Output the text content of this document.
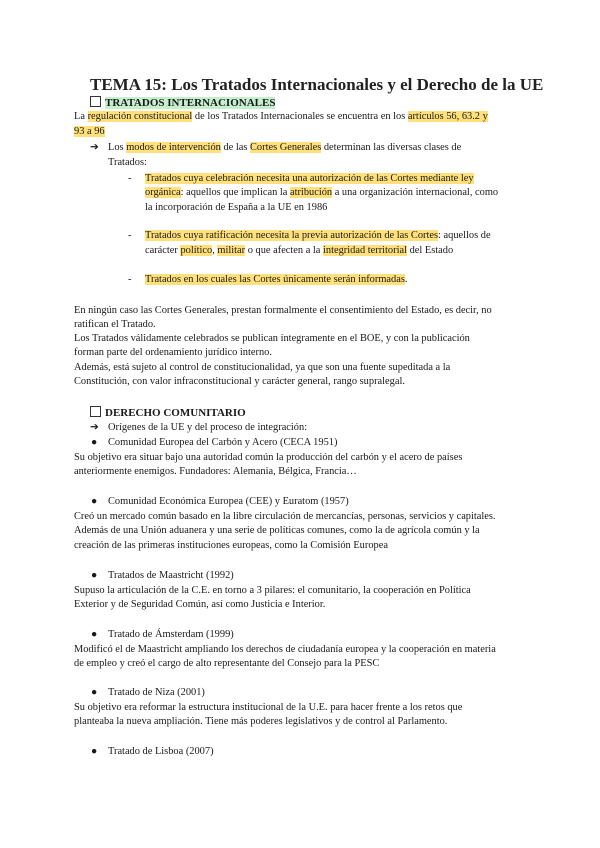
TEMA 15: Los Tratados Internacionales y el Derecho de la UE
TRATADOS INTERNACIONALES
La regulación constitucional de los Tratados Internacionales se encuentra en los artículos 56, 63.2 y
93 a 96
➔ Los modos de intervención de las Cortes Generales determinan las diversas clases de
Tratados:
- Tratados cuya celebración necesita una autorización de las Cortes mediante ley
orgánica: aquellos que implican la atribución a una organización internacional, como
la incorporación de España a la UE en 1986
- Tratados cuya ratificación necesita la previa autorización de las Cortes: aquellos de
carácter político, militar o que afecten a la integridad territorial del Estado
- Tratados en los cuales las Cortes únicamente serán informadas.
En ningún caso las Cortes Generales, prestan formalmente el consentimiento del Estado, es decir, no
ratifican el Tratado.
Los Tratados válidamente celebrados se publican íntegramente en el BOE, y con la publicación
forman parte del ordenamiento jurídico interno.
Además, está sujeto al control de constitucionalidad, ya que son una fuente supeditada a la
Constitución, con valor infraconstitucional y carácter general, rango supralegal.
DERECHO COMUNITARIO
➔ Orígenes de la UE y del proceso de integración:
● Comunidad Europea del Carbón y Acero (CECA 1951)
Su objetivo era situar bajo una autoridad común la producción del carbón y el acero de países
anteriormente enemigos. Fundadores: Alemania, Bélgica, Francia…
● Comunidad Económica Europea (CEE) y Euratom (1957)
Creó un mercado común basado en la libre circulación de mercancías, personas, servicios y capitales.
Además de una Unión aduanera y una serie de políticas comunes, como la de agrícola común y la
creación de las primeras instituciones europeas, como la Comisión Europea
● Tratados de Maastricht (1992)
Supuso la articulación de la C.E. en torno a 3 pilares: el comunitario, la cooperación en Política
Exterior y de Seguridad Común, así como Justicia e Interior.
● Tratado de Ámsterdam (1999)
Modificó el de Maastricht ampliando los derechos de ciudadanía europea y la cooperación en materia
de empleo y creó el cargo de alto representante del Consejo para la PESC
● Tratado de Niza (2001)
Su objetivo era reformar la estructura institucional de la U.E. para hacer frente a los retos que
planteaba la nueva ampliación. Tiene más poderes legislativos y de control al Parlamento.
● Tratado de Lisboa (2007)
